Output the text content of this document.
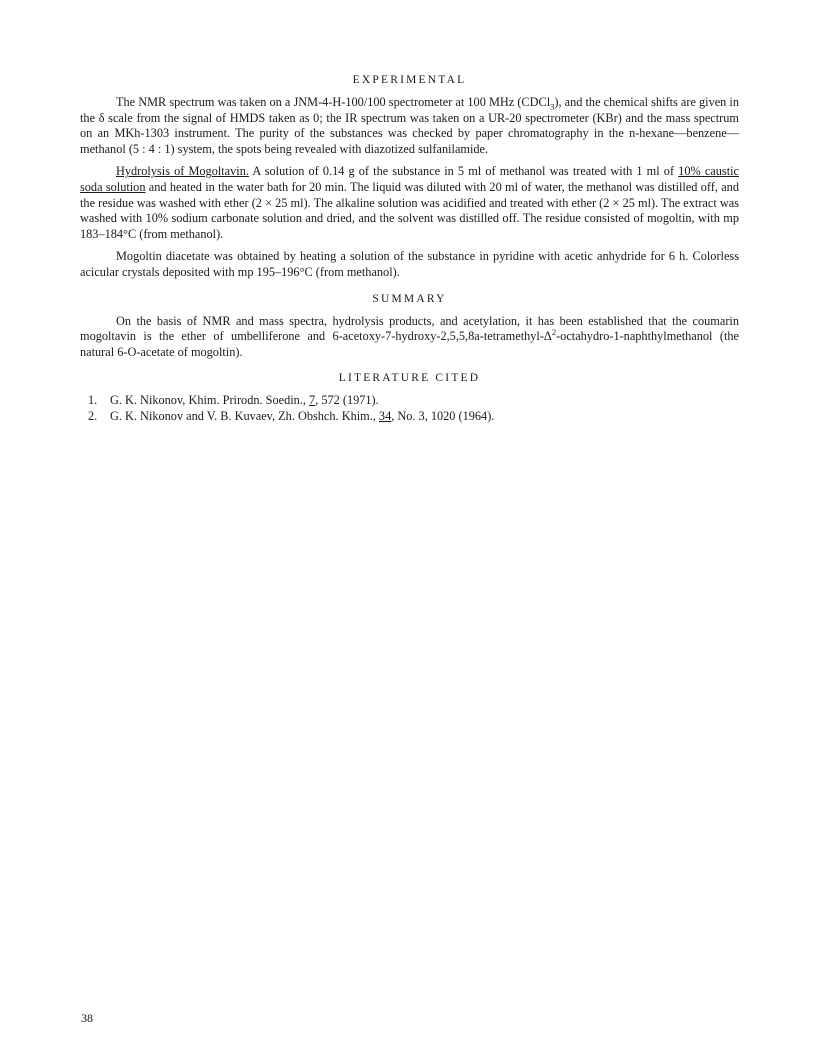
EXPERIMENTAL

The NMR spectrum was taken on a JNM-4-H-100/100 spectrometer at 100 MHz (CDCl$_3$), and the chemical shifts are given in the δ scale from the signal of HMDS taken as 0; the IR spectrum was taken on a UR-20 spectrometer (KBr) and the mass spectrum on an MKh-1303 instrument. The purity of the substances was checked by paper chromatography in the n-hexane—benzene—methanol (5 : 4 : 1) system, the spots being revealed with diazotized sulfanilamide.

Hydrolysis of Mogoltavin. A solution of 0.14 g of the substance in 5 ml of methanol was treated with 1 ml of 10% caustic soda solution and heated in the water bath for 20 min. The liquid was diluted with 20 ml of water, the methanol was distilled off, and the residue was washed with ether (2 × 25 ml). The alkaline solution was acidified and treated with ether (2 × 25 ml). The extract was washed with 10% sodium carbonate solution and dried, and the solvent was distilled off. The residue consisted of mogoltin, with mp 183–184°C (from methanol).

Mogoltin diacetate was obtained by heating a solution of the substance in pyridine with acetic anhydride for 6 h. Colorless acicular crystals deposited with mp 195–196°C (from methanol).

SUMMARY

On the basis of NMR and mass spectra, hydrolysis products, and acetylation, it has been established that the coumarin mogoltavin is the ether of umbelliferone and $6-acetoxy-7-hydroxy-2,5,5,8a-tetramethyl-\Delta^2-octahydro-1$-naphthylmethanol (the natural 6-O-acetate of mogoltin).

LITERATURE CITED
1.	G. K. Nikonov, Khim. Prirodn. Soedin., 7, 572 (1971).
2.	G. K. Nikonov and V. B. Kuvaev, Zh. Obshch. Khim., 34, No. 3, 1020 (1964).
38
